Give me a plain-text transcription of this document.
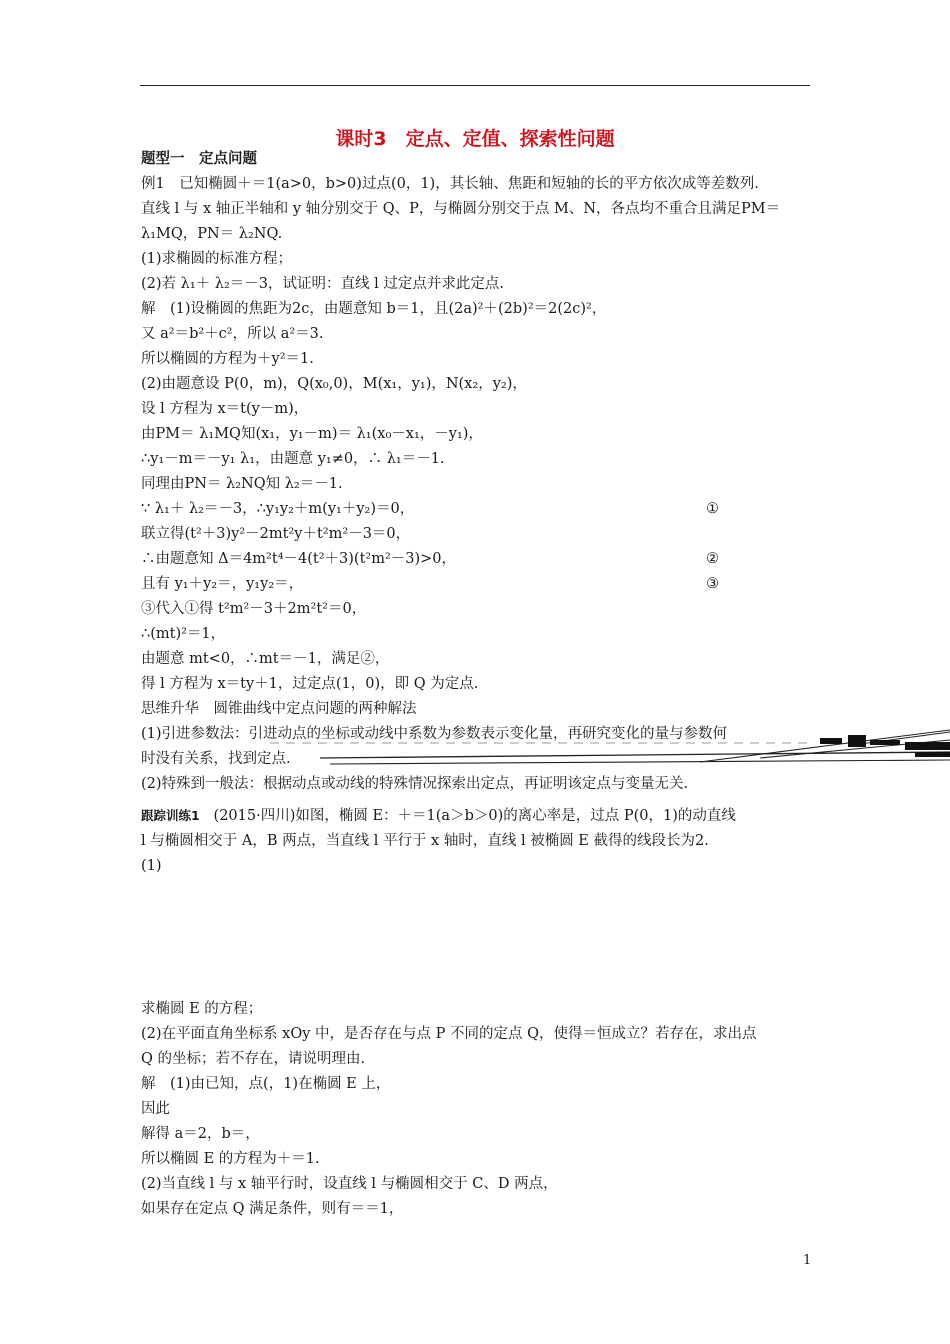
课时3　定点、定值、探索性问题
题型一　定点问题
例1　已知椭圆＋＝1(a>0，b>0)过点(0，1)，其长轴、焦距和短轴的长的平方依次成等差数列.
直线 l 与 x 轴正半轴和 y 轴分别交于 Q、P，与椭圆分别交于点 M、N，各点均不重合且满足PM＝
λ₁MQ，PN＝ λ₂NQ.
(1)求椭圆的标准方程；
(2)若 λ₁＋ λ₂＝－3，试证明：直线 l 过定点并求此定点.
解　(1)设椭圆的焦距为2c，由题意知 b＝1，且(2a)²＋(2b)²＝2(2c)²，
又 a²＝b²＋c²，所以 a²＝3.
所以椭圆的方程为＋y²＝1.
(2)由题意设 P(0，m)，Q(x₀,0)，M(x₁，y₁)，N(x₂，y₂)，
设 l 方程为 x＝t(y－m)，
由PM＝ λ₁MQ知(x₁，y₁－m)＝ λ₁(x₀－x₁，－y₁)，
∴y₁－m＝－y₁ λ₁，由题意 y₁≠0，∴ λ₁＝－1.
同理由PN＝ λ₂NQ知 λ₂＝－1.
∵ λ₁＋ λ₂＝－3，∴y₁y₂＋m(y₁＋y₂)＝0，	①
联立得(t²＋3)y²－2mt²y＋t²m²－3＝0，
∴由题意知 Δ＝4m²t⁴－4(t²＋3)(t²m²－3)>0，	②
且有 y₁＋y₂＝，y₁y₂＝，	③
③代入①得 t²m²－3＋2m²t²＝0，
∴(mt)²＝1，
由题意 mt<0，∴mt＝－1，满足②，
得 l 方程为 x＝ty＋1，过定点(1，0)，即 Q 为定点.
思维升华　圆锥曲线中定点问题的两种解法
(1)引进参数法：引进动点的坐标或动线中系数为参数表示变化量，再研究变化的量与参数何
时没有关系，找到定点.
(2)特殊到一般法：根据动点或动线的特殊情况探索出定点，再证明该定点与变量无关.
跟踪训练1 (2015·四川)如图，椭圆 E：＋＝1(a＞b＞0)的离心率是，过点 P(0，1)的动直线
l 与椭圆相交于 A，B 两点，当直线 l 平行于 x 轴时，直线 l 被椭圆 E 截得的线段长为2.
(1)
求椭圆 E 的方程；
(2)在平面直角坐标系 xOy 中，是否存在与点 P 不同的定点 Q，使得＝恒成立？若存在，求出点
Q 的坐标；若不存在，请说明理由.
解　(1)由已知，点(，1)在椭圆 E 上，
因此
解得 a＝2，b＝，
所以椭圆 E 的方程为＋＝1.
(2)当直线 l 与 x 轴平行时，设直线 l 与椭圆相交于 C、D 两点，
如果存在定点 Q 满足条件，则有＝＝1，
1
